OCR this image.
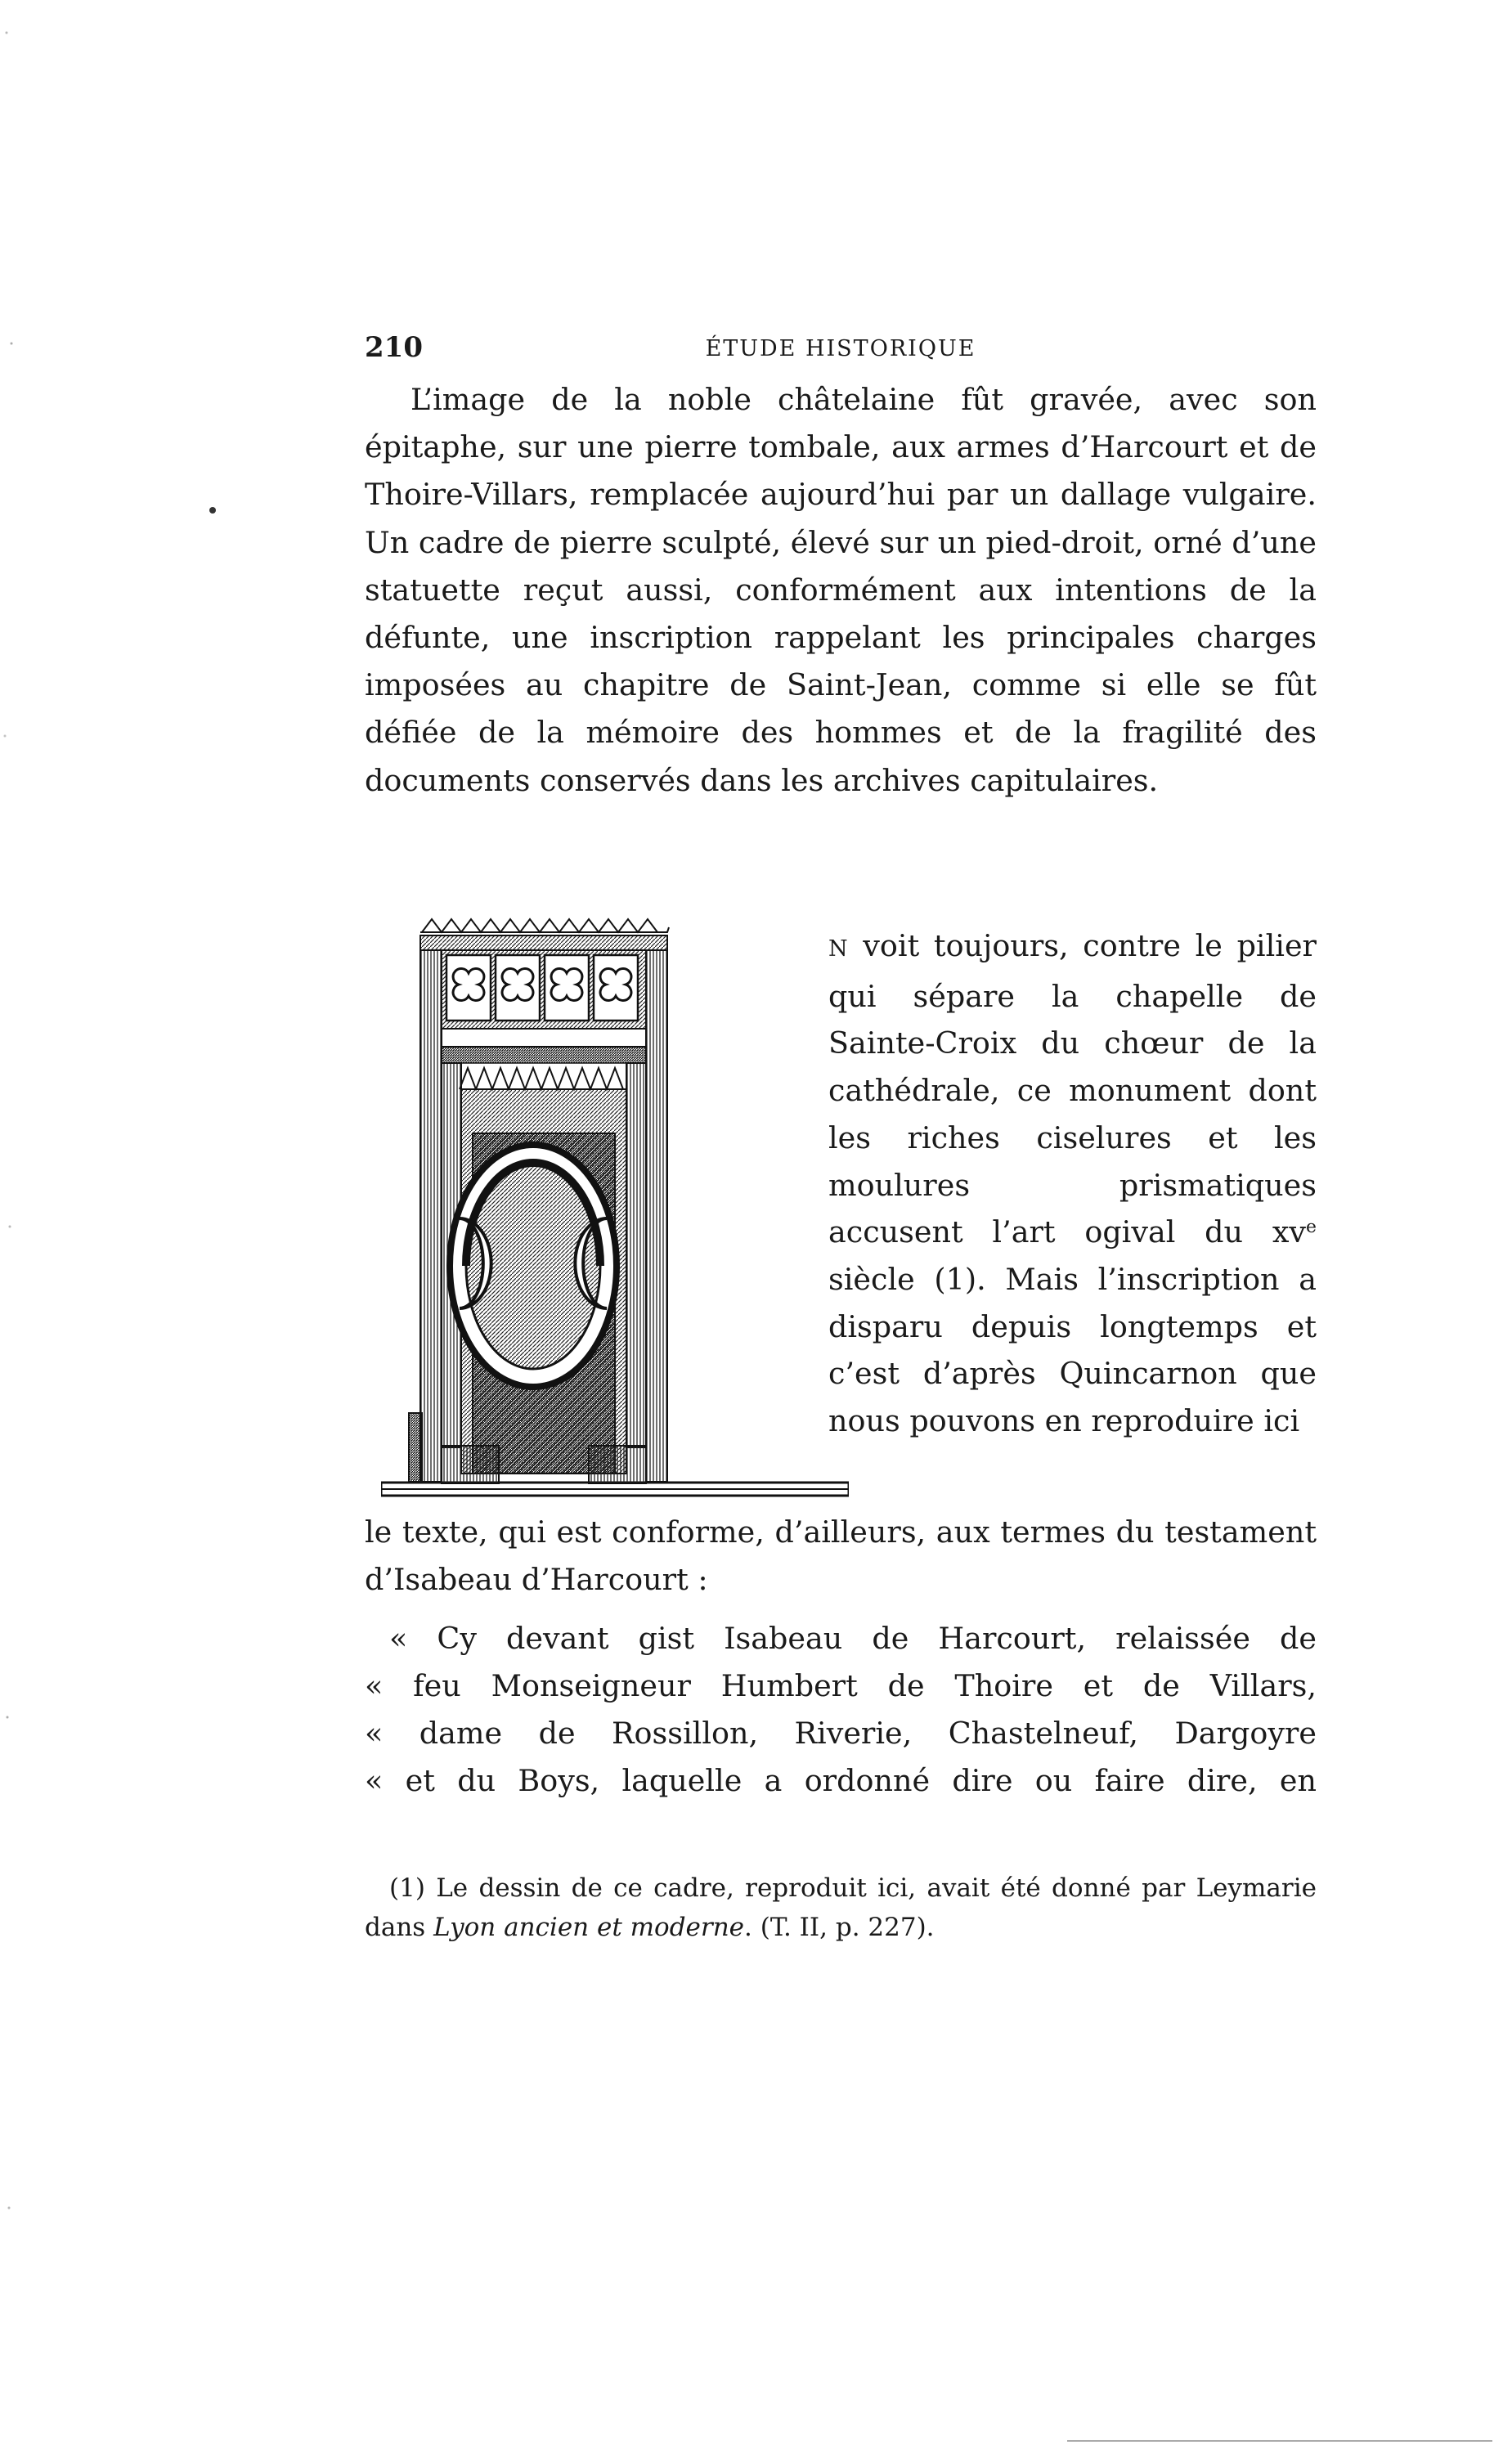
210	ÉTUDE HISTORIQUE

L’image de la noble châtelaine fût gravée, avec son épitaphe, sur une pierre tombale, aux armes d’Harcourt et de Thoire-Villars, remplacée aujourd’hui par un dallage vulgaire. Un cadre de pierre sculpté, élevé sur un pied-droit, orné d’une statuette reçut aussi, conformément aux intentions de la défunte, une inscription rappelant les principales charges imposées au chapitre de Saint-Jean, comme si elle se fût défiée de la mémoire des hommes et de la fragilité des documents conservés dans les archives capitulaires.

N voit toujours, contre le pilier qui sépare la chapelle de Sainte-Croix du chœur de la cathédrale, ce monument dont les riches ciselures et les moulures prismatiques accusent l’art ogival du $xv^e$ siècle (1). Mais l’inscription a disparu depuis longtemps et c’est d’après Quincarnon que nous pouvons en reproduire ici

le texte, qui est conforme, d’ailleurs, aux termes du testament d’Isabeau d’Harcourt :

« Cy devant gist Isabeau de Harcourt, relaissée de
« feu Monseigneur Humbert de Thoire et de Villars,
« dame de Rossillon, Riverie, Chastelneuf, Dargoyre
« et du Boys, laquelle a ordonné dire ou faire dire, en

(1) Le dessin de ce cadre, reproduit ici, avait été donné par Leymarie dans Lyon ancien et moderne. (T. II, p. 227).
